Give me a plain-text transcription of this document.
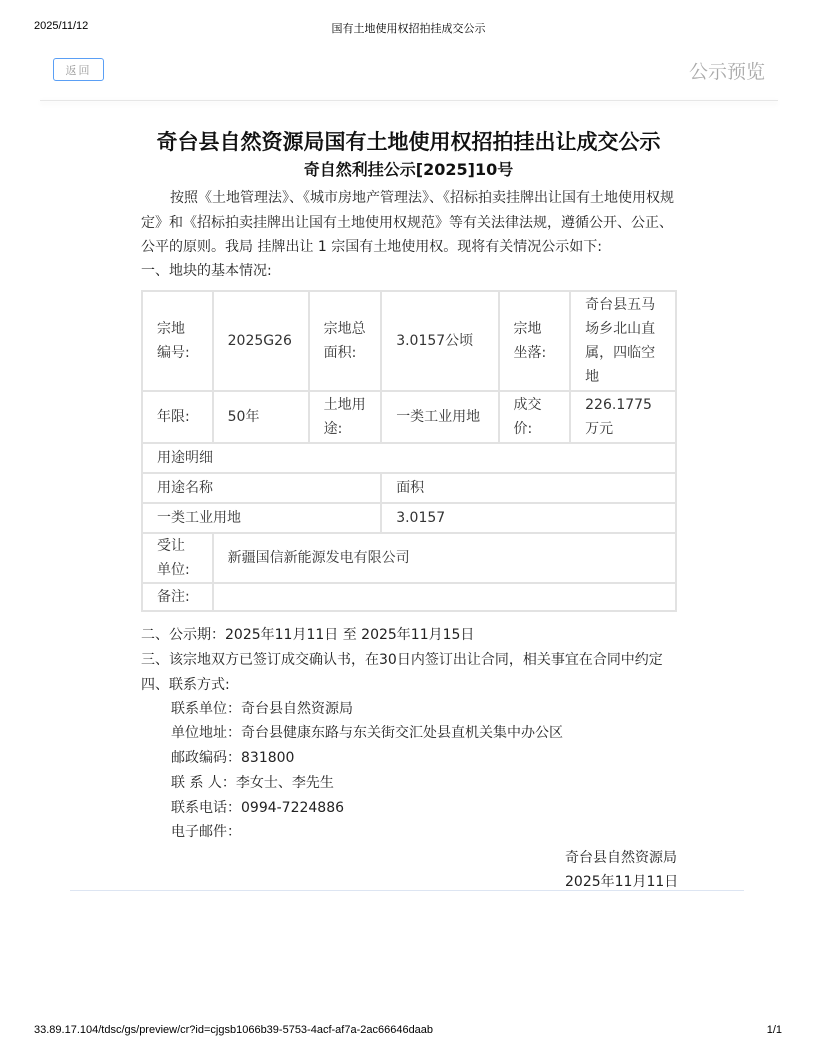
2025/11/12	国有土地使用权招拍挂成交公示
返回	公示预览
奇台县自然资源局国有土地使用权招拍挂出让成交公示
奇自然利挂公示[2025]10号
按照《土地管理法》、《城市房地产管理法》、《招标拍卖挂牌出让国有土地使用权规定》和《招标拍卖挂牌出让国有土地使用权规范》等有关法律法规，遵循公开、公正、公平的原则。我局 挂牌出让 1 宗国有土地使用权。现将有关情况公示如下:
一、地块的基本情况:
宗地编号:	2025G26	宗地总面积:	3.0157公顷	宗地坐落:	奇台县五马场乡北山直属，四临空地
年限:	50年	土地用途:	一类工业用地	成交价:	226.1775万元
用途明细					
用途名称			面积		
一类工业用地			3.0157		
受让单位:	新疆国信新能源发电有限公司				
备注:					
二、公示期：2025年11月11日 至 2025年11月15日
三、该宗地双方已签订成交确认书，在30日内签订出让合同，相关事宜在合同中约定
四、联系方式:
联系单位：奇台县自然资源局
单位地址：奇台县健康东路与东关街交汇处县直机关集中办公区
邮政编码：831800
联 系 人：李女士、李先生
联系电话：0994-7224886
电子邮件：
奇台县自然资源局
2025年11月11日
33.89.17.104/tdsc/gs/preview/cr?id=cjgsb1066b39-5753-4acf-af7a-2ac66646daab	1/1
